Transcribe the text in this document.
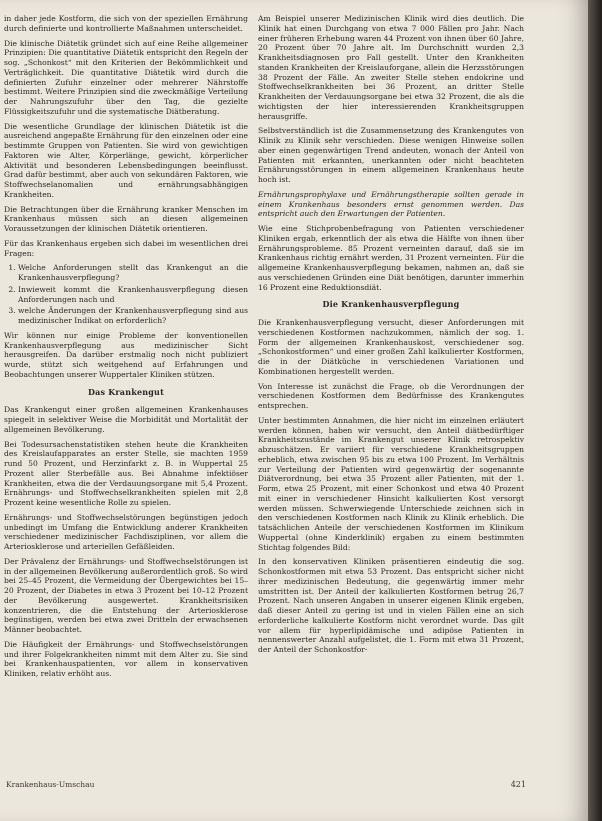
in daher jede Kostform, die sich von der speziellen Ernährung durch definierte und kontrollierte Maßnahmen unterscheidet.

Die klinische Diätetik gründet sich auf eine Reihe allgemeiner Prinzipien: Die quantitative Diätetik entspricht den Regeln der sog. „Schonkost“ mit den Kriterien der Bekömmlichkeit und Verträglichkeit. Die quantitative Diätetik wird durch die definierten Zufuhr einzelner oder mehrerer Nährstoffe bestimmt. Weitere Prinzipien sind die zweckmäßige Verteilung der Nahrungszufuhr über den Tag, die gezielte Flüssigkeitszufuhr und die systematische Diätberatung.

Die wesentliche Grundlage der klinischen Diätetik ist die ausreichend angepaßte Ernährung für den einzelnen oder eine bestimmte Gruppen von Patienten. Sie wird von gewichtigen Faktoren wie Alter, Körperlänge, gewicht, körperlicher Aktivität und besonderen Lebensbedingungen beeinflusst. Grad dafür bestimmt, aber auch von sekundären Faktoren, wie Stoffwechselanomalien und ernährungsabhängigen Krankheiten.

Die Betrachtungen über die Ernährung kranker Menschen im Krankenhaus müssen sich an diesen allgemeinen Voraussetzungen der klinischen Diätetik orientieren.

Für das Krankenhaus ergeben sich dabei im wesentlichen drei Fragen:

1. Welche Anforderungen stellt das Krankengut an die Krankenhausverpflegung?
2. Inwieweit kommt die Krankenhausverpflegung diesen Anforderungen nach und
3. welche Änderungen der Krankenhausverpflegung sind aus medizinischer Indikat on erforderlich?

Wir können nur einige Probleme der konventionellen Krankenhausverpflegung aus medizinischer Sicht herausgreifen. Da darüber erstmalig noch nicht publiziert wurde, stützt sich weitgehend auf Erfahrungen und Beobachtungen unserer Wuppertaler Kliniken stützen.

Das Krankengut

Das Krankengut einer großen allgemeinen Krankenhauses spiegelt in selektiver Weise die Morbidität und Mortalität der allgemeinen Bevölkerung.

Bei Todesursachenstatistiken stehen heute die Krankheiten des Kreislaufapparates an erster Stelle, sie machten 1959 rund 50 Prozent, und Herzinfarkt z. B. in Wuppertal 25 Prozent aller Sterbefälle aus. Bei Abnahme infektiöser Krankheiten, etwa die der Verdauungsorgane mit 5,4 Prozent. Ernährungs- und Stoffwechselkrankheiten spielen mit 2,8 Prozent keine wesentliche Rolle zu spielen.

Ernährungs- und Stoffwechselstörungen begünstigen jedoch unbedingt im Umfang die Entwicklung anderer Krankheiten verschiedener medizinischer Fachdisziplinen, vor allem die Arteriosklerose und arteriellen Gefäßleiden.

Der Prävalenz der Ernährungs- und Stoffwechselstörungen ist in der allgemeinen Bevölkerung außerordentlich groß. So wird bei 25–45 Prozent, die Vermeidung der Übergewichtes bei 15–20 Prozent, der Diabetes in etwa 3 Prozent bei 10–12 Prozent der Bevölkerung ausgewertet. Krankheitsrisiken konzentrieren, die die Entstehung der Arteriosklerose begünstigen, werden bei etwa zwei Dritteln der erwachsenen Männer beobachtet.

Die Häufigkeit der Ernährungs- und Stoffwechselstörungen und ihrer Folgekrankheiten nimmt mit dem Alter zu. Sie sind bei Krankenhauspatienten, vor allem in konservativen Kliniken, relativ erhöht aus.

Am Beispiel unserer Medizinischen Klinik wird dies deutlich. Die Klinik hat einen Durchgang von etwa 7 000 Fällen pro Jahr. Nach einer früheren Erhebung waren 44 Prozent von ihnen über 60 Jahre, 20 Prozent über 70 Jahre alt. Im Durchschnitt wurden 2,3 Krankheitsdiagnosen pro Fall gestellt. Unter den Krankheiten standen Krankheiten der Kreislauforgane, allein die Herzsstörungen 38 Prozent der Fälle. An zweiter Stelle stehen endokrine und Stoffwechselkrankheiten bei 36 Prozent, an dritter Stelle Krankheiten der Verdauungsorgane bei etwa 32 Prozent, die als die wichtigsten der hier interessierenden Krankheitsgruppen herausgriffe.

Selbstverständlich ist die Zusammensetzung des Krankengutes von Klinik zu Klinik sehr verschieden. Diese wenigen Hinweise sollen aber einen gegenwärtigen Trend andeuten, wonach der Anteil von Patienten mit erkannten, unerkannten oder nicht beachteten Ernährungsstörungen in einem allgemeinen Krankenhaus heute hoch ist.

Ernährungsprophylaxe und Ernährungstherapie sollten gerade in einem Krankenhaus besonders ernst genommen werden. Das entspricht auch den Erwartungen der Patienten.

Wie eine Stichprobenbefragung von Patienten verschiedener Kliniken ergab, erkenntlich der als etwa die Hälfte von ihnen über Ernährungsprobleme. 85 Prozent verneinten darauf, daß sie im Krankenhaus richtig ernährt werden, 31 Prozent verneinten. Für die allgemeine Krankenhausverpflegung bekamen, nahmen an, daß sie aus verschiedenen Gründen eine Diät benötigen, darunter immerhin 16 Prozent eine Reduktionsdiät.

Die Krankenhausverpflegung

Die Krankenhausverpflegung versucht, dieser Anforderungen mit verschiedenen Kostformen nachzukommen, nämlich der sog. 1. Form der allgemeinen Krankenhauskost, verschiedener sog. „Schonkostformen“ und einer großen Zahl kalkulierter Kostformen, die in der Diätküche in verschiedenen Variationen und Kombinationen hergestellt werden.

Von Interesse ist zunächst die Frage, ob die Verordnungen der verschiedenen Kostformen dem Bedürfnisse des Krankengutes entsprechen.

Unter bestimmten Annahmen, die hier nicht im einzelnen erläutert werden können, haben wir versucht, den Anteil diätbedürftiger Krankheitszustände im Krankengut unserer Klinik retrospektiv abzuschätzen. Er variiert für verschiedene Krankheitsgruppen erheblich, etwa zwischen 95 bis zu etwa 100 Prozent. Im Verhältnis zur Verteilung der Patienten wird gegenwärtig der sogenannte Diätverordnung, bei etwa 35 Prozent aller Patienten, mit der 1. Form, etwa 25 Prozent, mit einer Schonkost und etwa 40 Prozent mit einer in verschiedener Hinsicht kalkulierten Kost versorgt werden müssen. Schwerwiegende Unterschiede zeichnen sich in den verschiedenen Kostformen nach Klinik zu Klinik erheblich. Die tatsächlichen Anteile der verschiedenen Kostformen im Klinikum Wuppertal (ohne Kinderklinik) ergaben zu einem bestimmten Stichtag folgendes Bild:

In den konservativen Kliniken präsentieren eindeutig die sog. Schonkostformen mit etwa 53 Prozent. Das entspricht sicher nicht ihrer medizinischen Bedeutung, die gegenwärtig immer mehr umstritten ist. Der Anteil der kalkulierten Kostformen betrug 26,7 Prozent. Nach unseren Angaben in unserer eigenen Klinik ergeben, daß dieser Anteil zu gering ist und in vielen Fällen eine an sich erforderliche kalkulierte Kostform nicht verordnet wurde. Das gilt vor allem für hyperlipidämische und adipöse Patienten in nennenswerter Anzahl aufgelistet, die 1. Form mit etwa 31 Prozent, der Anteil der Schonkostfor-

Krankenhaus-Umschau	421
